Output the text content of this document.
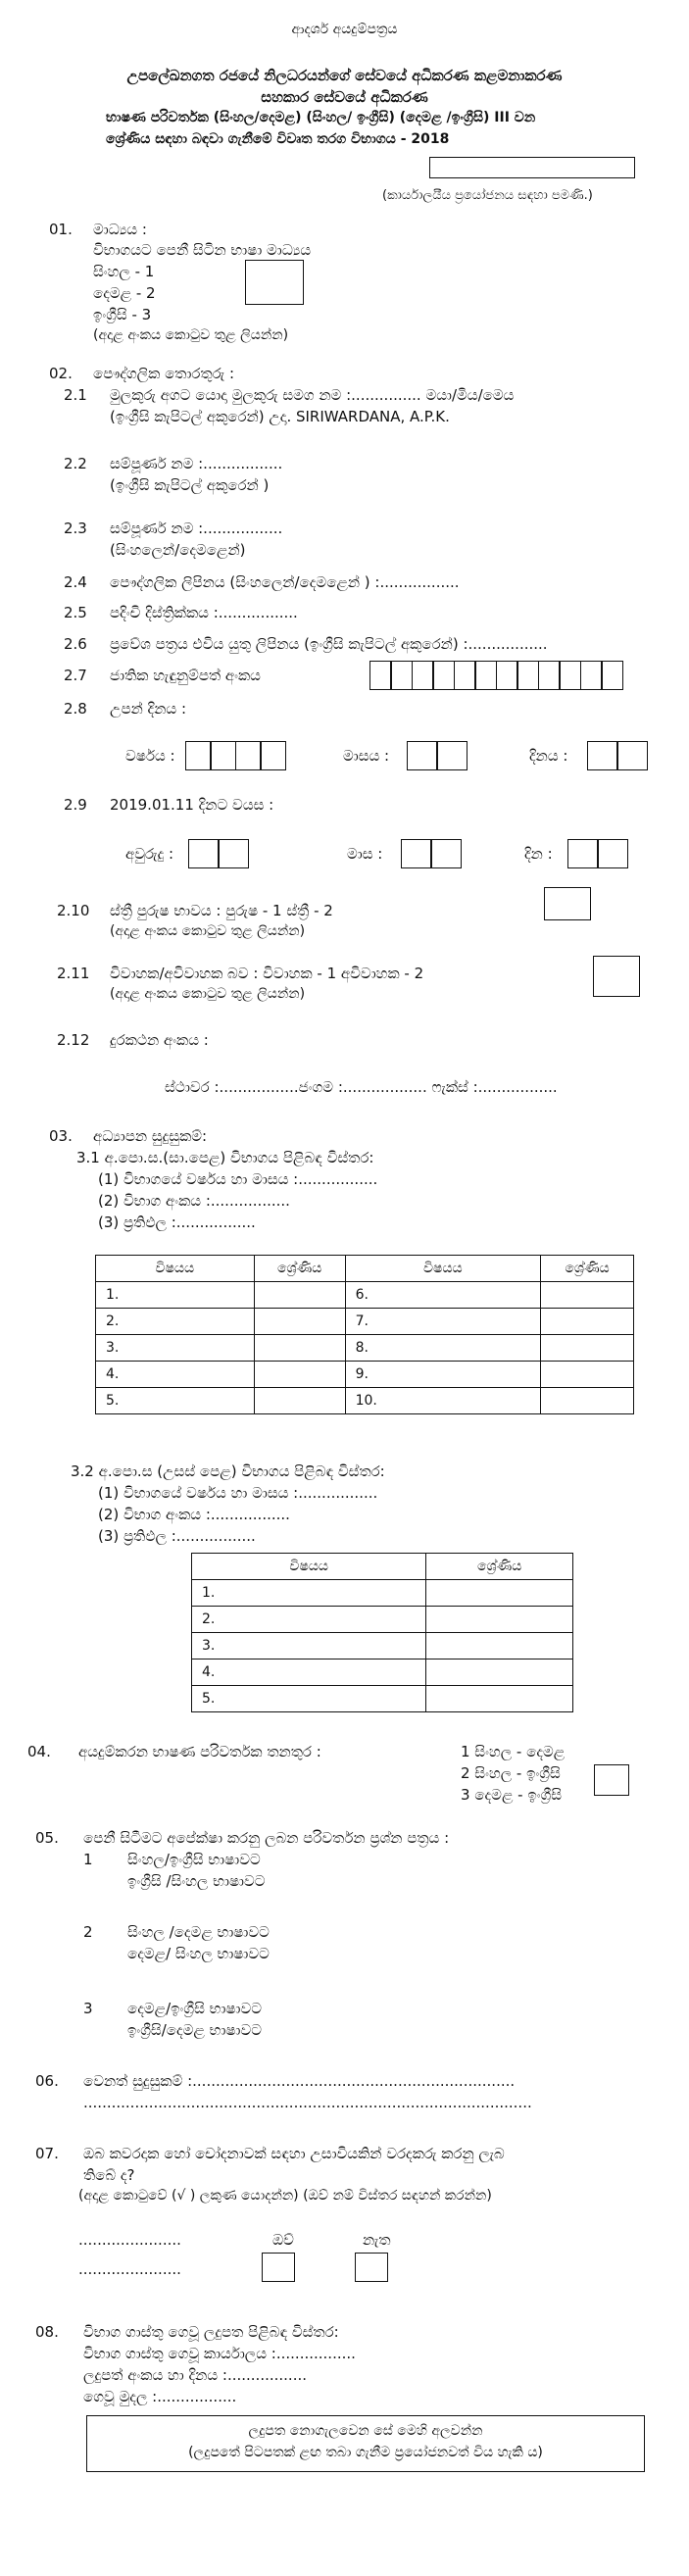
ආදර්ශ අයදුම්පත්‍රය
උපලේඛනගත රජයේ නිලධරයන්ගේ සේවයේ අධිකරණ කළමනාකරණ
සහකාර සේවයේ අධිකරණ
භාෂණ පරිවර්තක (සිංහල/දෙමළ) (සිංහල/ ඉංග්‍රීසි) (දෙමළ /ඉංග්‍රීසි) III වන
ශ්‍රේණිය සඳහා බඳවා ගැනීමේ විවෘත තරග විභාගය - 2018
(කාර්යාලයීය ප්‍රයෝජනය සඳහා පමණි.)
01. මාධ්‍යය :
විභාගයට පෙනී සිටින භාෂා මාධ්‍යය
සිංහල - 1
දෙමළ - 2
ඉංග්‍රීසි - 3
(අදාළ අංකය කොටුව තුළ ලියන්න)
02. පෞද්ගලික තොරතුරු :
2.1 මුලකුරු අගට යොදා මුලකුරු සමග නම :............... මයා/මිය/මෙය
(ඉංග්‍රීසි කැපිටල් අකුරෙන්) උදා. SIRIWARDANA, A.P.K.
2.2 සම්පූර්ණ නම :.................
(ඉංග්‍රීසි කැපිටල් අකුරෙන් )
2.3 සම්පූර්ණ නම :.................
(සිංහලෙන්/දෙමළෙන්)
2.4 පෞද්ගලික ලිපිනය (සිංහලෙන්/දෙමළෙන් ) :.................
2.5 පදිංචි දිස්ත්‍රික්කය :.................
2.6 ප්‍රවේශ පත්‍රය එවිය යුතු ලිපිනය (ඉංග්‍රීසි කැපිටල් අකුරෙන්) :.................
2.7 ජාතික හැඳුනුම්පත් අංකය
2.8 උපන් දිනය :
වර්ෂය :	මාසය :	දිනය :
2.9 2019.01.11 දිනට වයස :
අවුරුදු :	මාස :	දින :
2.10 ස්ත්‍රී පුරුෂ භාවය : පුරුෂ - 1 ස්ත්‍රී - 2
(අදාළ අංකය කොටුව තුළ ලියන්න)
2.11 විවාහක/අවිවාහක බව : විවාහක - 1 අවිවාහක - 2
(අදාළ අංකය කොටුව තුළ ලියන්න)
2.12 දුරකථන අංකය :
ස්ථාවර :.................ජංගම :.................. ෆැක්ස් :.................
03. අධ්‍යාපන සුදුසුකම්:
3.1 අ.පො.ස.(සා.පෙළ) විභාගය පිළිබඳ විස්තර:
(1) විභාගයේ වර්ෂය හා මාසය :.................
(2) විභාග අංකය :.................
(3) ප්‍රතිඵල :.................
විෂයය	ශ්‍රේණිය	විෂයය	ශ්‍රේණිය
1.		6.	
2.		7.	
3.		8.	
4.		9.	
5.		10.	
3.2 අ.පො.ස (උසස් පෙළ) විභාගය පිළිබඳ විස්තර:
(1) විභාගයේ වර්ෂය හා මාසය :.................
(2) විභාග අංකය :.................
(3) ප්‍රතිඵල :.................
විෂයය	ශ්‍රේණිය
1.	
2.	
3.	
4.	
5.	
04. අයදුම්කරන භාෂණ පරිවර්තක තනතුර :	1 සිංහල - දෙමළ
2 සිංහල - ඉංග්‍රීසි
3 දෙමළ - ඉංග්‍රීසි
05. පෙනී සිටීමට අපේක්ෂා කරනු ලබන පරිවර්තන ප්‍රශ්න පත්‍රය :
1 සිංහල/ඉංග්‍රීසි භාෂාවට
ඉංග්‍රීසි /සිංහල භාෂාවට
2 සිංහල /දෙමළ භාෂාවට
දෙමළ/ සිංහල භාෂාවට
3 දෙමළ/ඉංග්‍රීසි භාෂාවට
ඉංග්‍රීසි/දෙමළ භාෂාවට
06. වෙනත් සුදුසුකම් :.....................................................................
................................................................................................
07. ඔබ කවරදාක හෝ චෝදනාවක් සඳහා උසාවියකින් වරදකරු කරනු ලැබ
තිබේ ද?
(අදාළ කොටුවේ (√ ) ලකුණ යොදන්න) (ඔව් නම් විස්තර සඳහන් කරන්න)
......................	ඔව්	නැත
......................
08. විභාග ගාස්තු ගෙවූ ලදුපත පිළිබඳ විස්තර:
විභාග ගාස්තු ගෙවූ කාර්යාලය :.................
ලදුපත් අංකය හා දිනය :.................
ගෙවූ මුදල :.................
ලදුපත නොගැලවෙන සේ මෙහි අලවන්න
(ලදුපතේ පිටපතක් ළඟ තබා ගැනීම ප්‍රයෝජනවත් විය හැකි ය)
